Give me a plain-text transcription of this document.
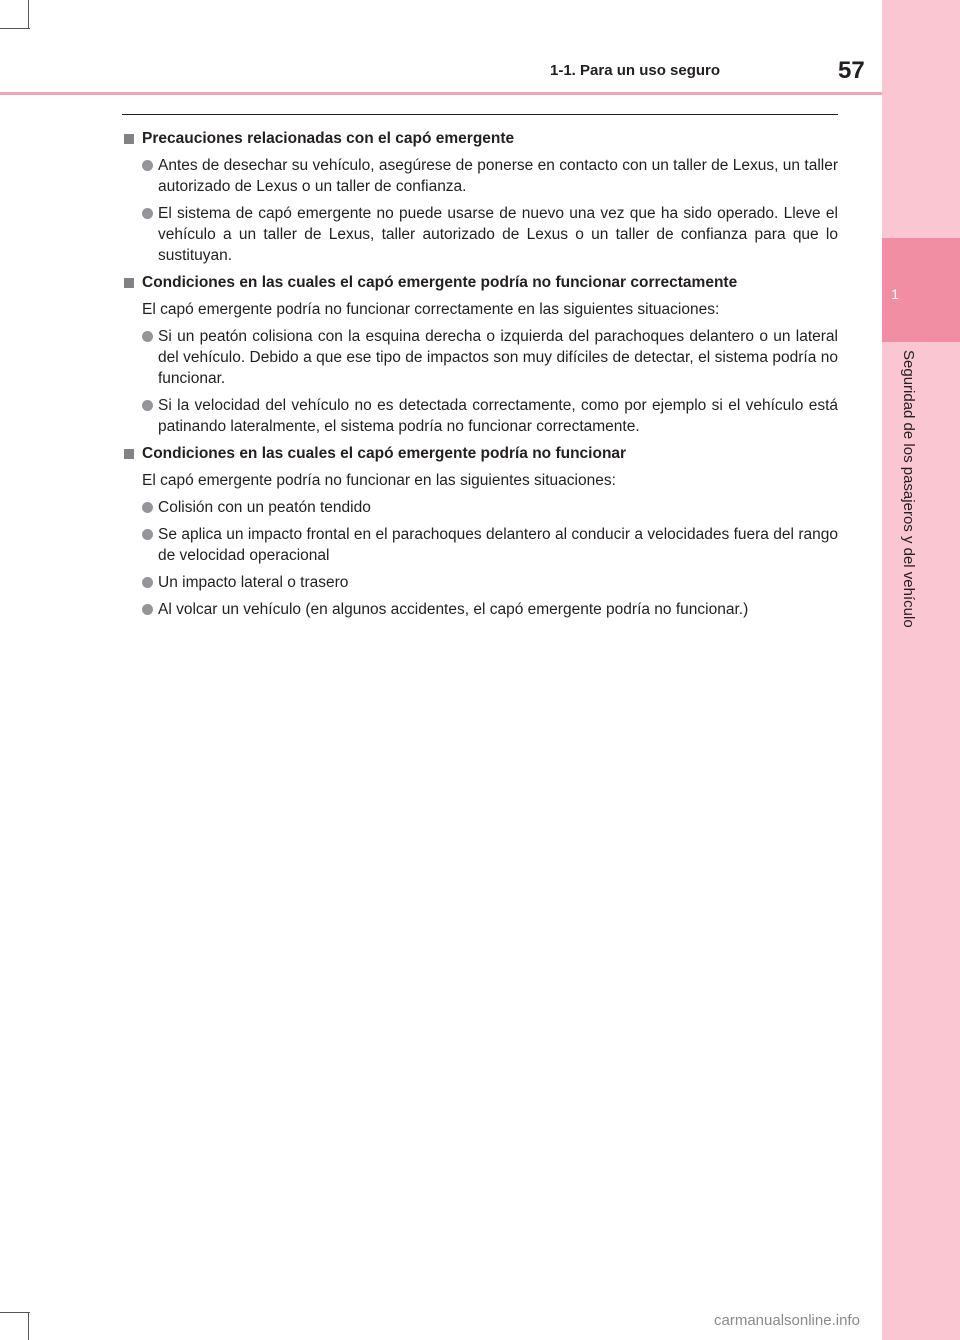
1
Seguridad de los pasajeros y del vehículo
1-1. Para un uso seguro	57
Precauciones relacionadas con el capó emergente
Antes de desechar su vehículo, asegúrese de ponerse en contacto con un taller de Lexus, un taller autorizado de Lexus o un taller de confianza.
El sistema de capó emergente no puede usarse de nuevo una vez que ha sido operado. Lleve el vehículo a un taller de Lexus, taller autorizado de Lexus o un taller de confianza para que lo sustituyan.
Condiciones en las cuales el capó emergente podría no funcionar correctamente
El capó emergente podría no funcionar correctamente en las siguientes situaciones:
Si un peatón colisiona con la esquina derecha o izquierda del parachoques delantero o un lateral del vehículo. Debido a que ese tipo de impactos son muy difíciles de detectar, el sistema podría no funcionar.
Si la velocidad del vehículo no es detectada correctamente, como por ejemplo si el vehículo está patinando lateralmente, el sistema podría no funcionar correctamente.
Condiciones en las cuales el capó emergente podría no funcionar
El capó emergente podría no funcionar en las siguientes situaciones:
Colisión con un peatón tendido
Se aplica un impacto frontal en el parachoques delantero al conducir a velocidades fuera del rango de velocidad operacional
Un impacto lateral o trasero
Al volcar un vehículo (en algunos accidentes, el capó emergente podría no funcionar.)
carmanualsonline.info
